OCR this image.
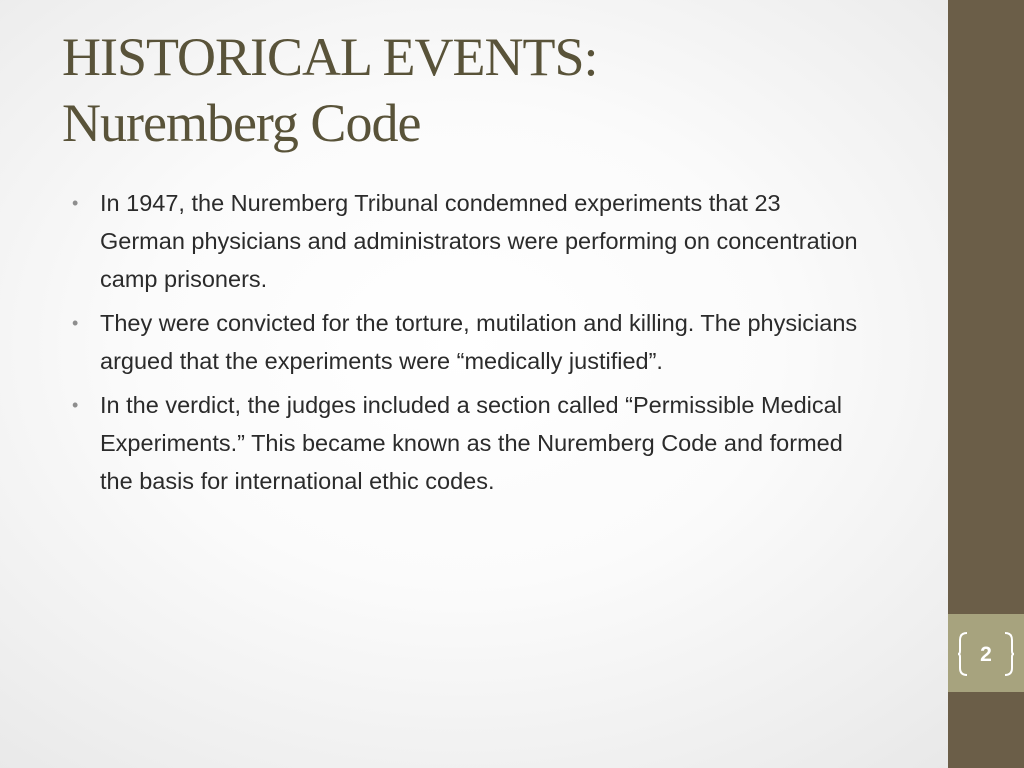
HISTORICAL EVENTS:
Nuremberg Code
• In 1947, the Nuremberg Tribunal condemned experiments that 23 German physicians and administrators were performing on concentration camp prisoners.
• They were convicted for the torture, mutilation and killing. The physicians argued that the experiments were “medically justified”.
• In the verdict, the judges included a section called “Permissible Medical Experiments.” This became known as the Nuremberg Code and formed the basis for international ethic codes.
2
